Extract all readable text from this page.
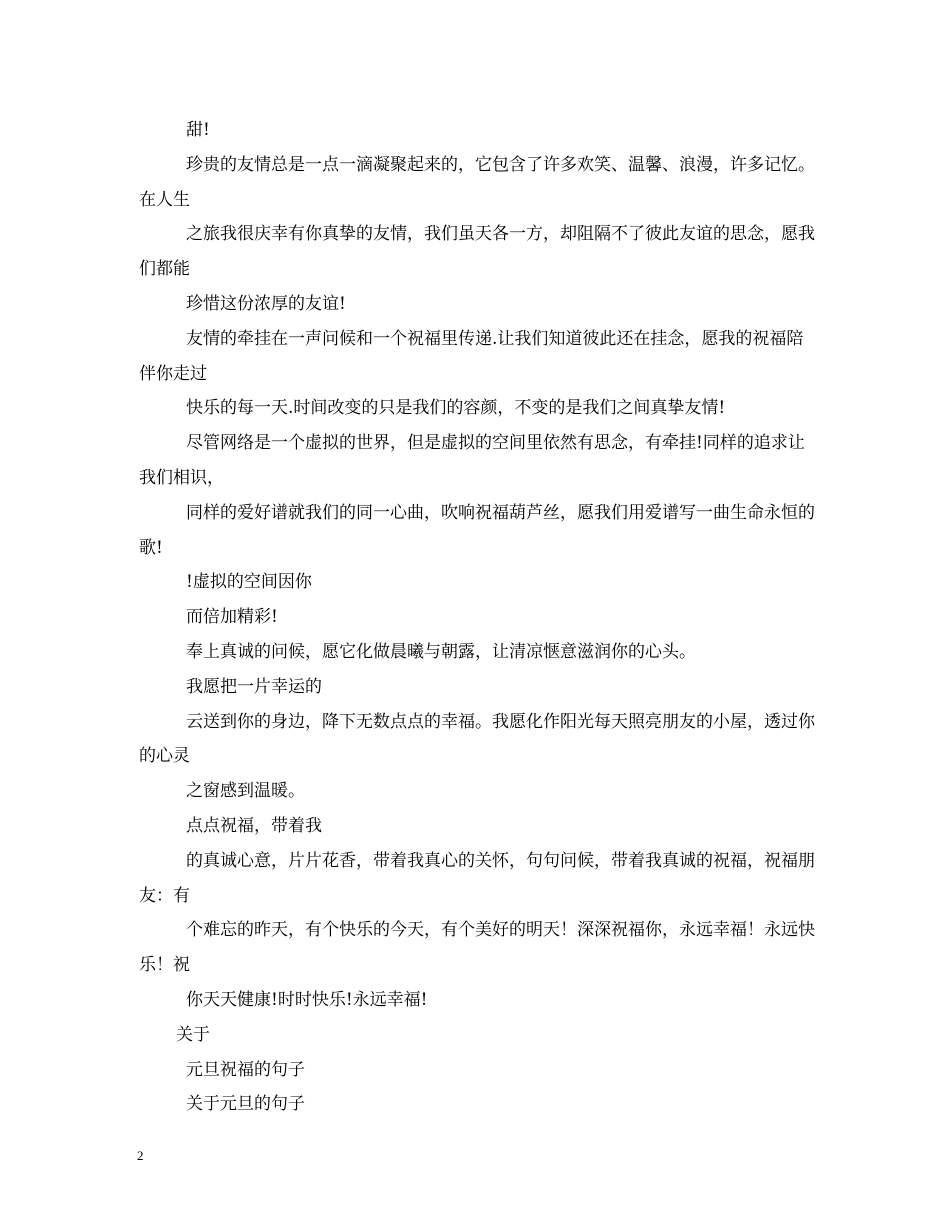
甜!

珍贵的友情总是一点一滴凝聚起来的，它包含了许多欢笑、温馨、浪漫，许多记忆。在人生

之旅我很庆幸有你真挚的友情，我们虽天各一方，却阻隔不了彼此友谊的思念，愿我们都能

珍惜这份浓厚的友谊!

友情的牵挂在一声问候和一个祝福里传递.让我们知道彼此还在挂念，愿我的祝福陪伴你走过

快乐的每一天.时间改变的只是我们的容颜，不变的是我们之间真挚友情!

尽管网络是一个虚拟的世界，但是虚拟的空间里依然有思念，有牵挂!同样的追求让我们相识，

同样的爱好谱就我们的同一心曲，吹响祝福葫芦丝，愿我们用爱谱写一曲生命永恒的歌!

!虚拟的空间因你

而倍加精彩!

奉上真诚的问候，愿它化做晨曦与朝露，让清凉惬意滋润你的心头。

我愿把一片幸运的

云送到你的身边，降下无数点点的幸福。我愿化作阳光每天照亮朋友的小屋，透过你的心灵

之窗感到温暖。

点点祝福，带着我

的真诚心意，片片花香，带着我真心的关怀，句句问候，带着我真诚的祝福，祝福朋友：有

个难忘的昨天，有个快乐的今天，有个美好的明天！深深祝福你，永远幸福！永远快乐！祝

你天天健康!时时快乐!永远幸福!

关于

元旦祝福的句子

关于元旦的句子

2
